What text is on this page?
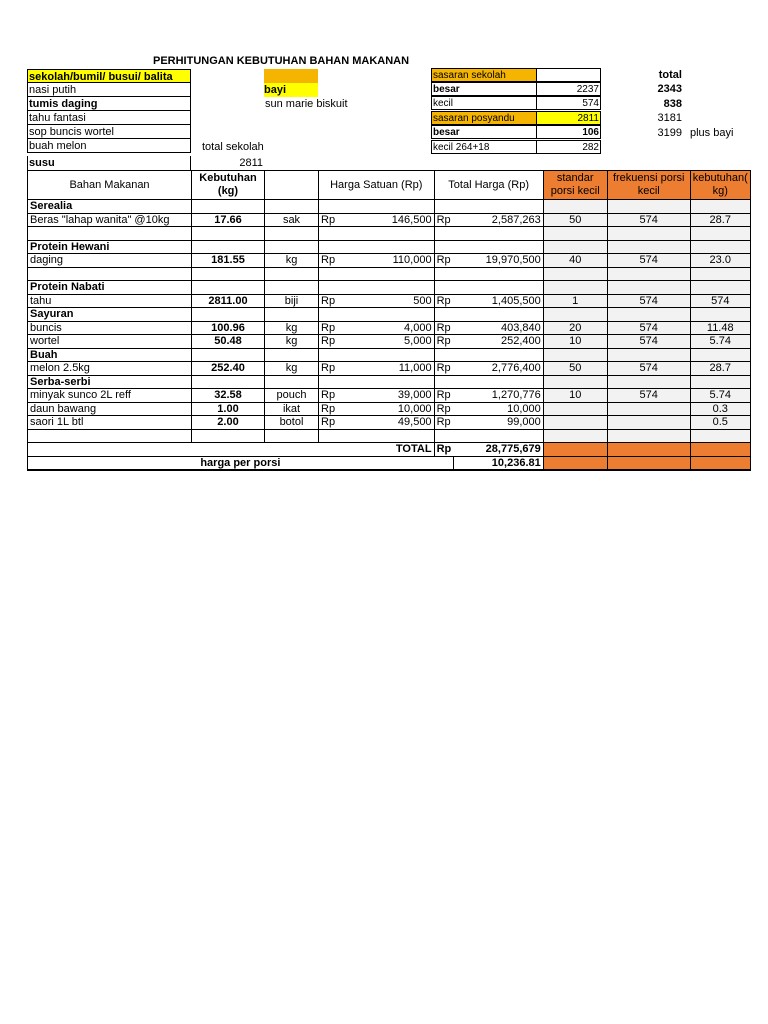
PERHITUNGAN KEBUTUHAN BAHAN MAKANAN
sekolah/bumil/ busui/ balita
nasi putih
tumis daging
tahu fantasi
sop buncis wortel
buah melon
susu
total sekolah
2811
bayi
sun marie biskuit
sasaran sekolah
besar	2237
kecil	574
sasaran posyandu	2811
besar	106
kecil 264+18	282
total
2343
838
3181
3199 plus bayi
Bahan Makanan	Kebutuhan (kg)		Harga Satuan (Rp)		Total Harga (Rp)		standar porsi kecil	frekuensi porsi kecil	kebutuhan( kg)
Serealia									
Beras "lahap wanita" @10kg	17.66	sak	Rp	146,500	Rp	2,587,263	50	574	28.7

Protein Hewani									
daging	181.55	kg	Rp	110,000	Rp	19,970,500	40	574	23.0

Protein Nabati									
tahu	2811.00	biji	Rp	500	Rp	1,405,500	1	574	574
Sayuran									
buncis	100.96	kg	Rp	4,000	Rp	403,840	20	574	11.48
wortel	50.48	kg	Rp	5,000	Rp	252,400	10	574	5.74
Buah									
melon 2.5kg	252.40	kg	Rp	11,000	Rp	2,776,400	50	574	28.7
Serba-serbi									
minyak sunco 2L reff	32.58	pouch	Rp	39,000	Rp	1,270,776	10	574	5.74
daun bawang	1.00	ikat	Rp	10,000	Rp	10,000			0.3
saori 1L btl	2.00	botol	Rp	49,500	Rp	99,000			0.5

TOTAL					Rp	28,775,679			
harga per porsi						10,236.81			
